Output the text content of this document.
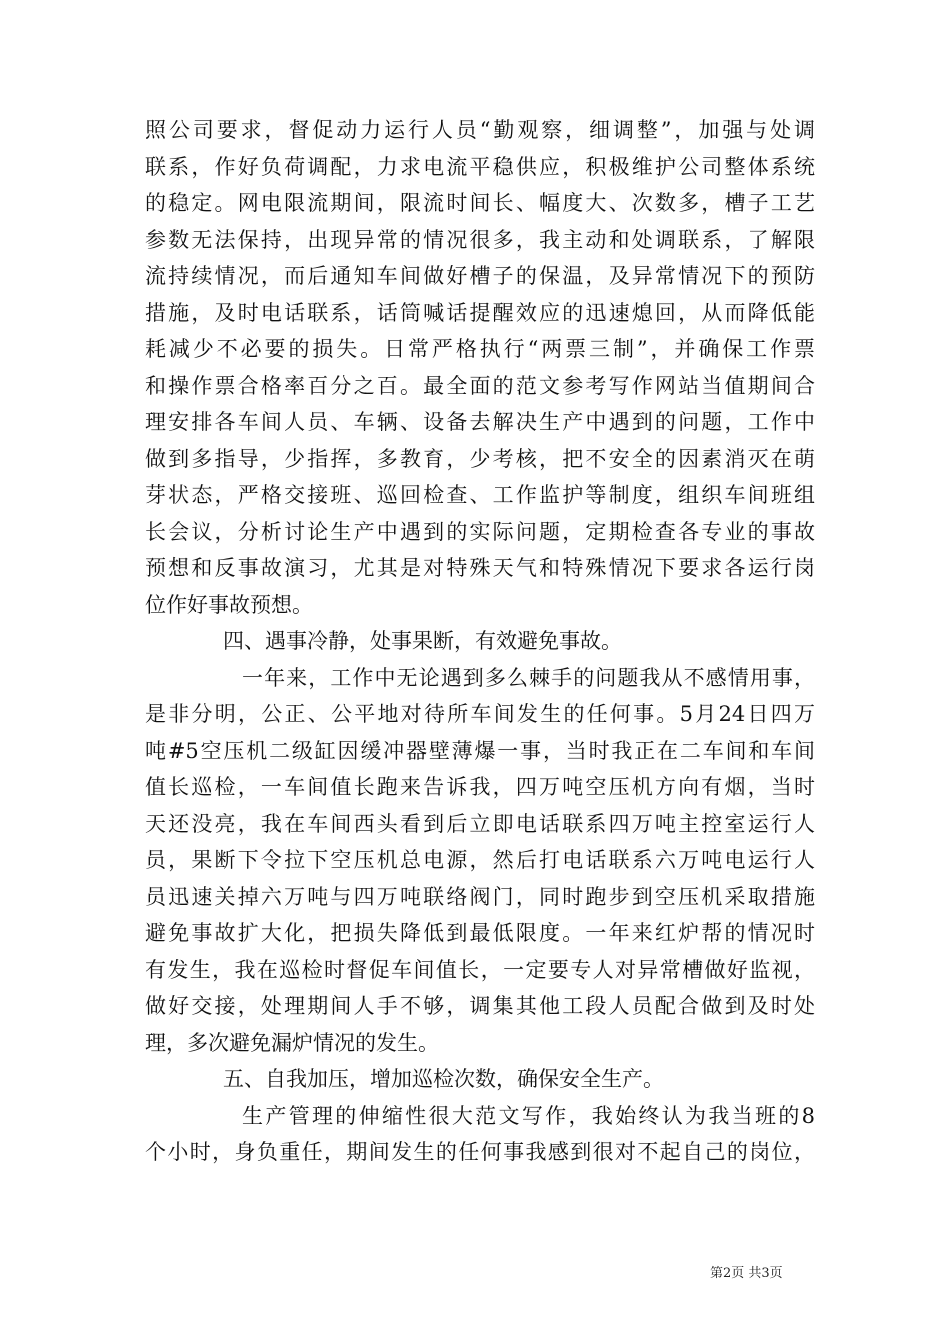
照公司要求，督促动力运行人员“勤观察，细调整”，加强与处调
联系，作好负荷调配，力求电流平稳供应，积极维护公司整体系统
的稳定。网电限流期间，限流时间长、幅度大、次数多，槽子工艺
参数无法保持，出现异常的情况很多，我主动和处调联系，了解限
流持续情况，而后通知车间做好槽子的保温，及异常情况下的预防
措施，及时电话联系，话筒喊话提醒效应的迅速熄回，从而降低能
耗减少不必要的损失。日常严格执行“两票三制”，并确保工作票
和操作票合格率百分之百。最全面的范文参考写作网站当值期间合
理安排各车间人员、车辆、设备去解决生产中遇到的问题，工作中
做到多指导，少指挥，多教育，少考核，把不安全的因素消灭在萌
芽状态，严格交接班、巡回检查、工作监护等制度，组织车间班组
长会议，分析讨论生产中遇到的实际问题，定期检查各专业的事故
预想和反事故演习，尤其是对特殊天气和特殊情况下要求各运行岗
位作好事故预想。
四、遇事冷静，处事果断，有效避免事故。
一年来，工作中无论遇到多么棘手的问题我从不感情用事，
是非分明，公正、公平地对待所车间发生的任何事。5月24日四万
吨#5空压机二级缸因缓冲器壁薄爆一事，当时我正在二车间和车间
值长巡检，一车间值长跑来告诉我，四万吨空压机方向有烟，当时
天还没亮，我在车间西头看到后立即电话联系四万吨主控室运行人
员，果断下令拉下空压机总电源，然后打电话联系六万吨电运行人
员迅速关掉六万吨与四万吨联络阀门，同时跑步到空压机采取措施
避免事故扩大化，把损失降低到最低限度。一年来红炉帮的情况时
有发生，我在巡检时督促车间值长，一定要专人对异常槽做好监视，
做好交接，处理期间人手不够，调集其他工段人员配合做到及时处
理，多次避免漏炉情况的发生。
五、自我加压，增加巡检次数，确保安全生产。
生产管理的伸缩性很大范文写作，我始终认为我当班的8
个小时，身负重任，期间发生的任何事我感到很对不起自己的岗位，
第2页 共3页
